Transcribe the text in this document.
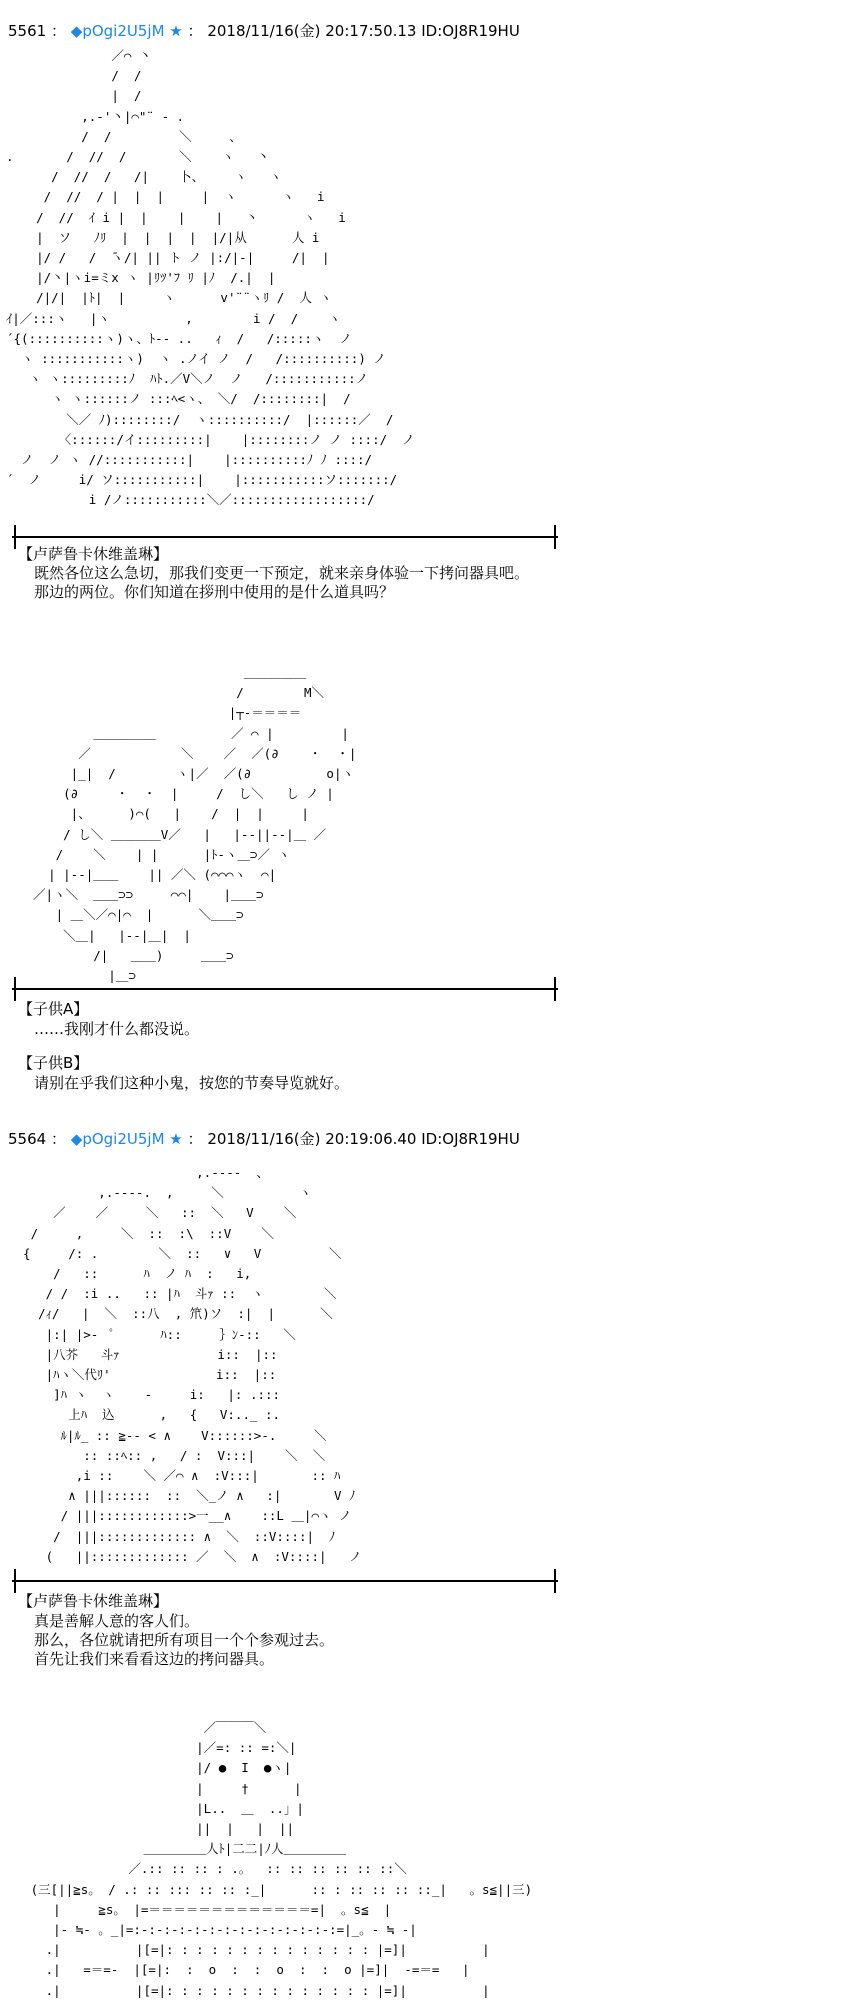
5561 ： ◆pOgi2U5jM ★ ： 2018/11/16(金) 20:17:50.13 ID:OJ8R19HU
／⌒ 丶
/  /
|  /
,.-'丶|⌒"¨ ‐ .
/  /         ＼     、
.       /  //  /       ＼    ヽ   丶
/  //  /   /|    卜、    ヽ   ヽ
/  //  / |  |  |     |  ヽ      ヽ   i
/  //  ｲ i |  |    |    |   丶      ヽ   i
|  ソ   ﾉﾘ  |  |  |  |  |/|从      人 i
|/ /   /  ̄ヽ/| || ト ノ |:/|-|     /|  |
|/丶|ヽi=ミx ヽ |ﾘﾂ'ﾌ ﾘ |ﾉ  /.|  |
/|/|  |ﾄ|  |     ヽ      v'¨¨ヽﾘ /  人 ヽ
ｲ|／:::ヽ   |ヽ          ,        i /  /    ヽ
´{(::::::::::ヽ)ヽ、ﾄ‐- ..   ｨ  /   /:::::ヽ  ノ
ヽ :::::::::::ヽ)  ヽ .ノイ ノ  /   /::::::::::) ノ
ヽ ヽ:::::::::ﾉ  ﾊﾄ.／V＼ノ  ノ   /:::::::::::ノ
ヽ ヽ::::::ノ :::ﾍ<ヽ、 ＼/  /::::::::|  /
＼／ ﾉ)::::::::/  ヽ::::::::::/  |::::::／  /
〈::::::/イ:::::::::|    |::::::::ノ ノ ::::/  ノ
ノ  ノ ヽ //:::::::::::|    |::::::::::ﾉ ﾉ ::::/
´  ノ     i/ ソ:::::::::::|    |:::::::::::ソ:::::::/
i /ノ:::::::::::＼／::::::::::::::::::/
【卢萨鲁卡休维盖琳】
既然各位这么急切，那我们变更一下预定，就来亲身体验一下拷问器具吧。
那边的两位。你们知道在拶刑中使用的是什么道具吗？
＿＿＿＿＿
/        M＼
|┬‐＝＝＝＝
＿＿＿＿＿          ／ ⌒ |         |
／            ＼    ／  ／(∂    ・  ・|
|_|  /        ヽ|／  ／(∂          o|ヽ
(∂     ・  ・  |     /  し＼   し ノ |
|、     )⌒(   |    /  |  |     |
/ し＼ ＿＿＿＿V／   |   |--||--|＿ ／
/    ＼    | |      |ﾄ-ヽ＿⊃／ ヽ
| |--|＿＿    || ／＼ (⌒⌒⌒ヽ  ⌒|
／|ヽ＼  ＿＿⊃⊃     ⌒⌒|    |＿＿⊃
| ＿＼／⌒|⌒  |      ＼＿＿⊃
＼＿|   |--|＿|  |
/|   ＿＿)     ＿＿⊃
|＿⊃
【子供A】
……我刚才什么都没说。
【子供B】
请别在乎我们这种小鬼，按您的节奏导览就好。
5564 ： ◆pOgi2U5jM ★ ： 2018/11/16(金) 20:19:06.40 ID:OJ8R19HU
,.-‐‐-  、
,.-‐‐-.  ,     ＼          ヽ
／    ／     ＼   ::  ＼   V    ＼
/     ,     ＼  ::  :\  ::V    ＼
{     /: .        ＼  ::   ∨   V         ＼
/   ::      ﾊ  ノ ﾊ  :   i,
/ /  :i ..   :: |ﾊ  斗ｧ ::  ヽ        ＼
/ｨ/   |  ＼  ::八  , 笊)ソ  :|  |      ＼
|:| |>‐  ﾟ      ﾊ::     ｝ﾝ-::   ＼
|八芥   斗ｧ             i::  |::
|ﾊヽ＼代ﾘ'              i::  |::
]ﾊ ヽ  ヽ    ‐     i:   |: .:::
上ﾊ  込      ,   {   V:.._ :.
ﾙ|ﾙ_ :: ≧-- < ∧    V::::::>-.     ＼
:: ::ﾍ:: ,   / :  V:::|    ＼  ＼
,i ::    ＼ ／⌒ ∧  :V:::|       :: ﾊ
∧ |||::::::  ::  ＼_ノ ∧   :|       V ﾉ
/ |||::::::::::::>一__∧    ::L ＿|⌒ヽ ノ
/  |||::::::::::::: ∧  ＼  ::V::::|  ﾉ
(   ||::::::::::::: ／  ＼  ∧  :V::::|   ノ
【卢萨鲁卡休维盖琳】
真是善解人意的客人们。
那么，各位就请把所有项目一个个参观过去。
首先让我们来看看这边的拷问器具。
／￣￣￣＼
|／=: :: =:＼|
|/ ●  I  ●ヽ|
|     †      |
|L..  ＿  ..」|
||  |   |  ||
＿＿＿＿＿人ﾄ|二二|ﾉ人＿＿＿＿＿
／.:: :: :: : .。  :: :: :: :: :: ::＼
(三[||≧s。 / .: :: ::: :: :: :_|      :: : :: :: :: ::_|   。s≦||三)
|     ≧s。 |=＝＝＝＝＝＝＝＝＝＝＝＝＝=|  。s≦  |
|‐ ≒- 。_|=:‐:‐:‐:‐:‐:‐:‐:‐:‐:‐:‐:‐:‐:=|_。- ≒ ‐|
.|          |[=|: : : : : : : : : : : : : : |=]|          |
.|   =＝=-  |[=|:  :  o  :  :  o  :  :  o |=]|  -=＝=   |
.|          |[=|: : : : : : : : : : : : : : |=]|          |
